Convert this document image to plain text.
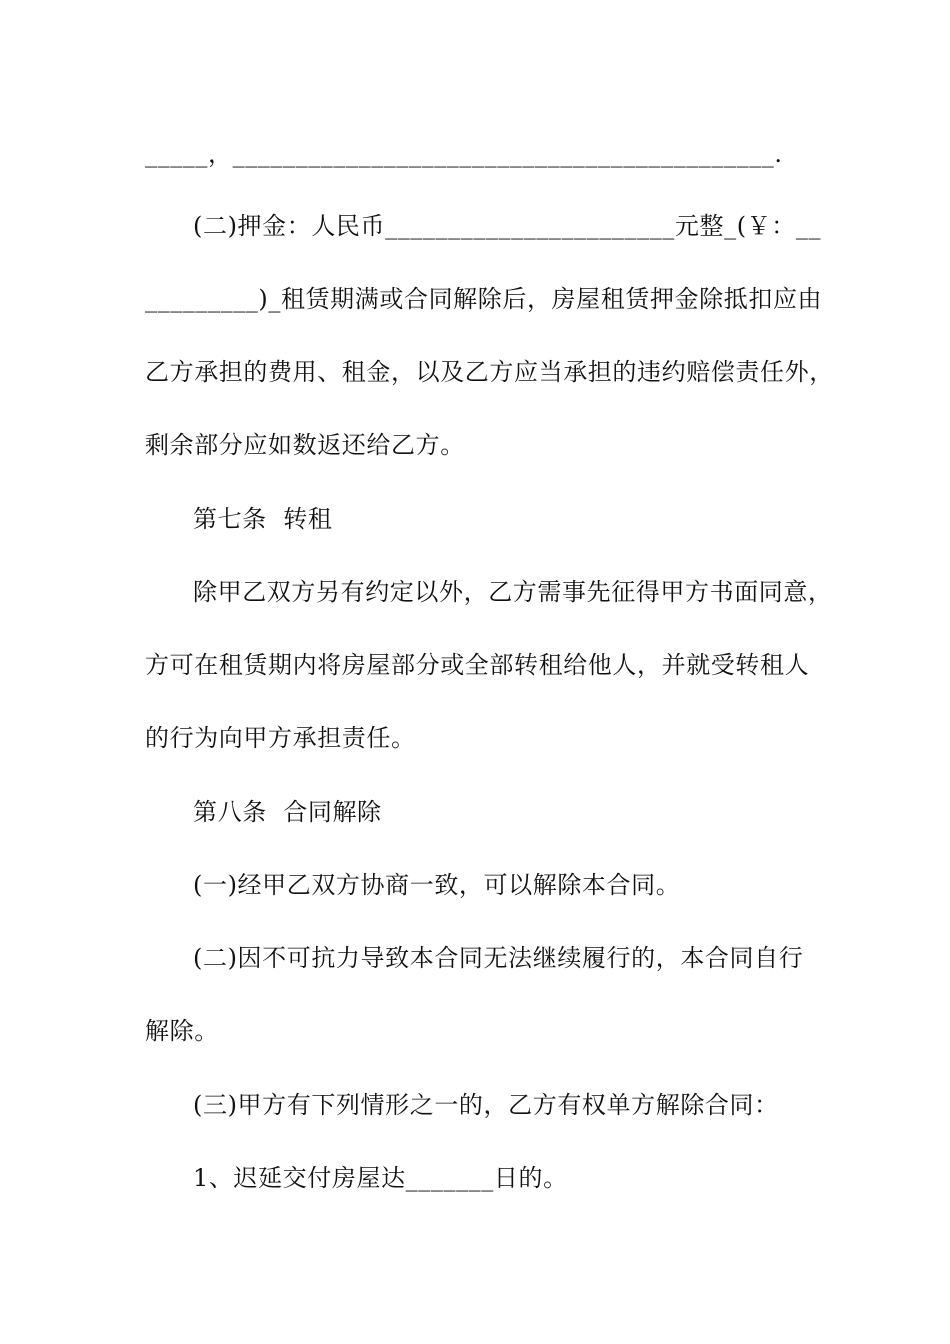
_____，___________________________________________.
(二)押金：人民币_______________________元整_(￥：__
_________)_租赁期满或合同解除后，房屋租赁押金除抵扣应由
乙方承担的费用、租金，以及乙方应当承担的违约赔偿责任外，
剩余部分应如数返还给乙方。
第七条  转租
除甲乙双方另有约定以外，乙方需事先征得甲方书面同意，
方可在租赁期内将房屋部分或全部转租给他人，并就受转租人
的行为向甲方承担责任。
第八条  合同解除
(一)经甲乙双方协商一致，可以解除本合同。
(二)因不可抗力导致本合同无法继续履行的，本合同自行
解除。
(三)甲方有下列情形之一的，乙方有权单方解除合同：
1、迟延交付房屋达_______日的。
